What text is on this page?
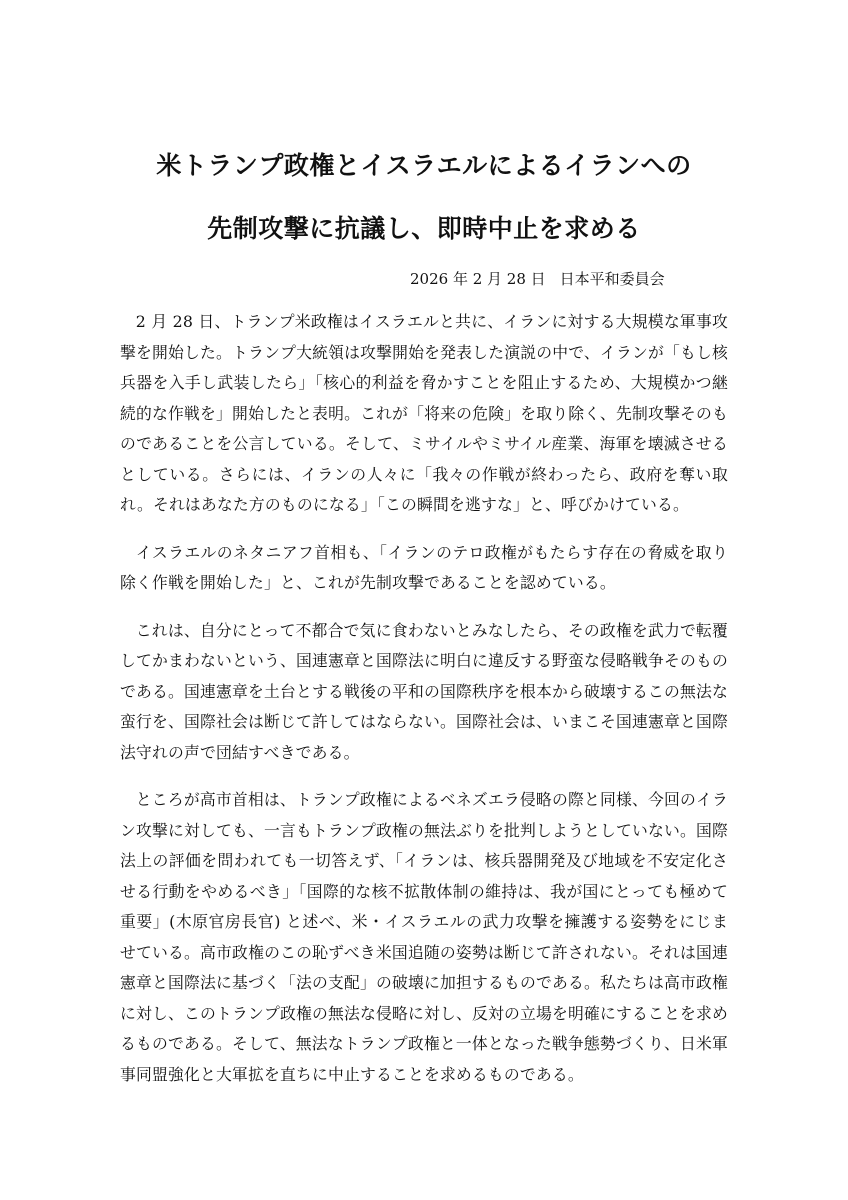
米トランプ政権とイスラエルによるイランへの
先制攻撃に抗議し、即時中止を求める
2026 年 2 月 28 日 日本平和委員会

2 月 28 日、トランプ米政権はイスラエルと共に、イランに対する大規模な軍事攻撃を開始した。トランプ大統領は攻撃開始を発表した演説の中で、イランが「もし核兵器を入手し武装したら」「核心的利益を脅かすことを阻止するため、大規模かつ継続的な作戦を」開始したと表明。これが「将来の危険」を取り除く、先制攻撃そのものであることを公言している。そして、ミサイルやミサイル産業、海軍を壊滅させるとしている。さらには、イランの人々に「我々の作戦が終わったら、政府を奪い取れ。それはあなた方のものになる」「この瞬間を逃すな」と、呼びかけている。

イスラエルのネタニアフ首相も、「イランのテロ政権がもたらす存在の脅威を取り除く作戦を開始した」と、これが先制攻撃であることを認めている。

これは、自分にとって不都合で気に食わないとみなしたら、その政権を武力で転覆してかまわないという、国連憲章と国際法に明白に違反する野蛮な侵略戦争そのものである。国連憲章を土台とする戦後の平和の国際秩序を根本から破壊するこの無法な蛮行を、国際社会は断じて許してはならない。国際社会は、いまこそ国連憲章と国際法守れの声で団結すべきである。

ところが高市首相は、トランプ政権によるベネズエラ侵略の際と同様、今回のイラン攻撃に対しても、一言もトランプ政権の無法ぶりを批判しようとしていない。国際法上の評価を問われても一切答えず、「イランは、核兵器開発及び地域を不安定化させる行動をやめるべき」「国際的な核不拡散体制の維持は、我が国にとっても極めて重要」(木原官房長官) と述べ、米・イスラエルの武力攻撃を擁護する姿勢をにじませている。高市政権のこの恥ずべき米国追随の姿勢は断じて許されない。それは国連憲章と国際法に基づく「法の支配」の破壊に加担するものである。私たちは高市政権に対し、このトランプ政権の無法な侵略に対し、反対の立場を明確にすることを求めるものである。そして、無法なトランプ政権と一体となった戦争態勢づくり、日米軍事同盟強化と大軍拡を直ちに中止することを求めるものである。
